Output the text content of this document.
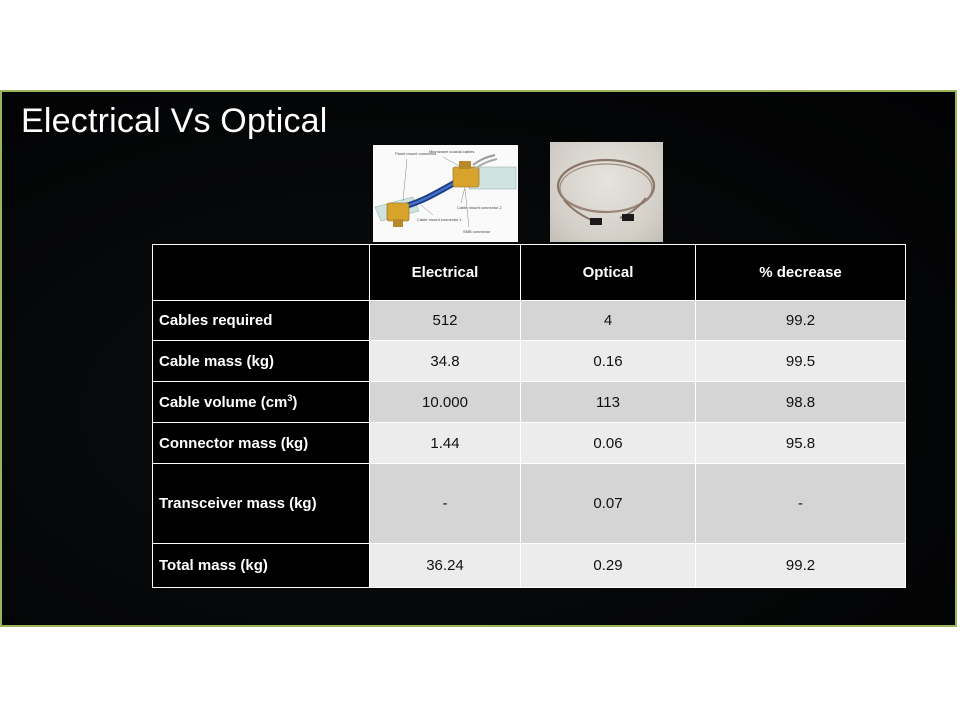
Electrical Vs Optical
Panel mount connector
Microwave coaxial cables
Cable mount connector 2
Cable mount connector 1
SMB connector
	Electrical	Optical	% decrease
Cables required	512	4	99.2
Cable mass (kg)	34.8	0.16	99.5
Cable volume $(cm^3)$	10.000	113	98.8
Connector mass (kg)	1.44	0.06	95.8
Transceiver mass (kg)	-	0.07	-
Total mass (kg)	36.24	0.29	99.2
